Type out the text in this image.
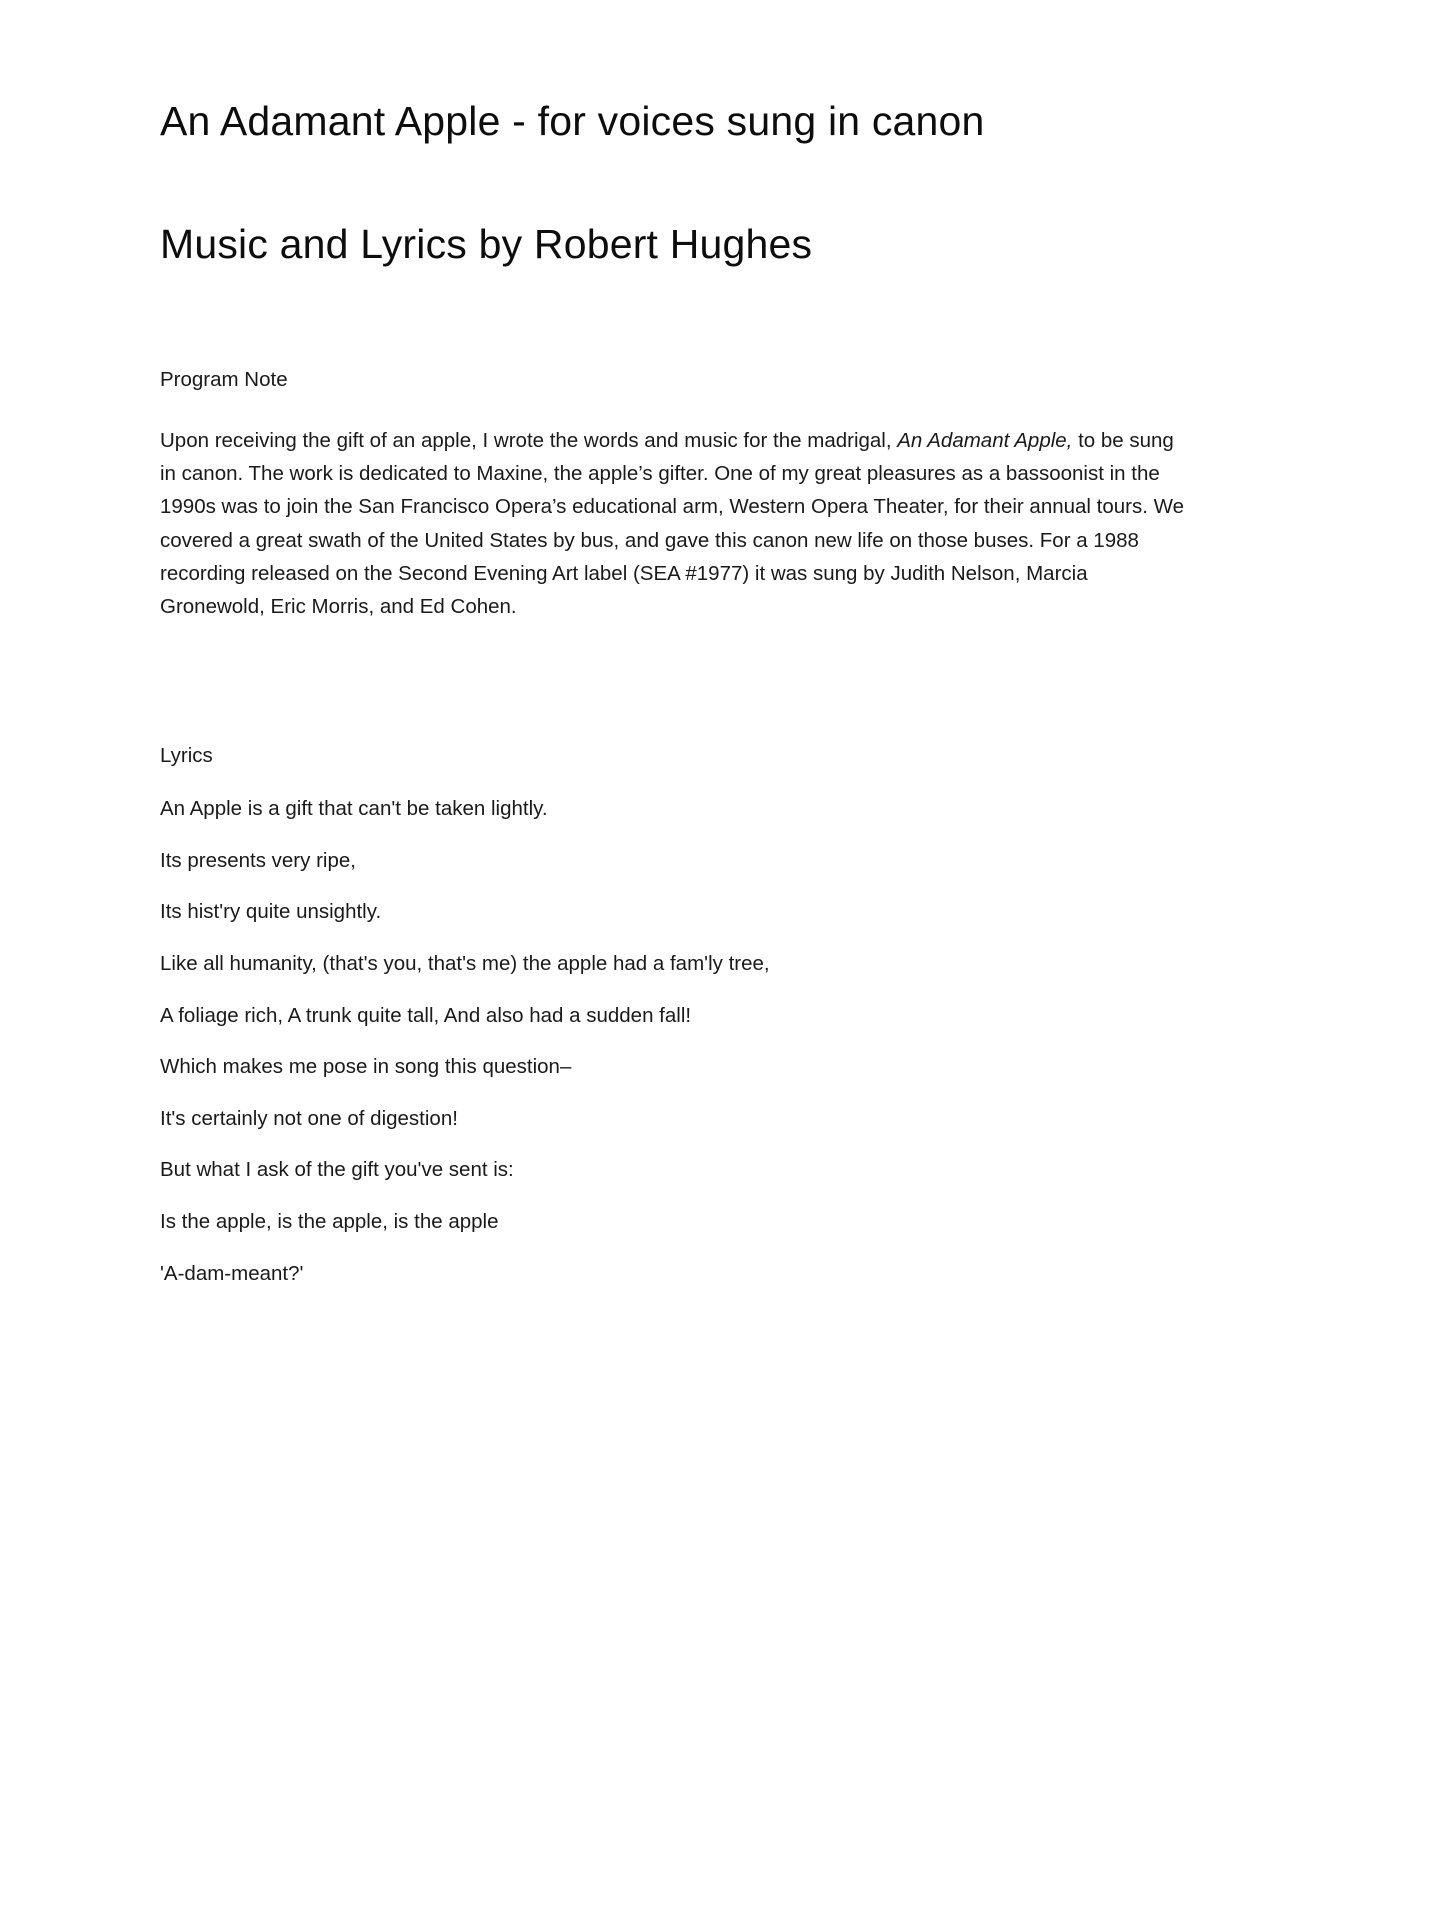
An Adamant Apple - for voices sung in canon
Music and Lyrics by Robert Hughes
Program Note

Upon receiving the gift of an apple, I wrote the words and music for the madrigal, An Adamant Apple, to be sung in canon. The work is dedicated to Maxine, the apple’s gifter. One of my great pleasures as a bassoonist in the 1990s was to join the San Francisco Opera’s educational arm, Western Opera Theater, for their annual tours. We covered a great swath of the United States by bus, and gave this canon new life on those buses. For a 1988 recording released on the Second Evening Art label (SEA #1977) it was sung by Judith Nelson, Marcia Gronewold, Eric Morris, and Ed Cohen.

Lyrics
An Apple is a gift that can't be taken lightly.
Its presents very ripe,
Its hist'ry quite unsightly.
Like all humanity, (that's you, that's me) the apple had a fam'ly tree,
A foliage rich, A trunk quite tall, And also had a sudden fall!
Which makes me pose in song this question–
It's certainly not one of digestion!
But what I ask of the gift you've sent is:
Is the apple, is the apple, is the apple
'A-dam-meant?'
